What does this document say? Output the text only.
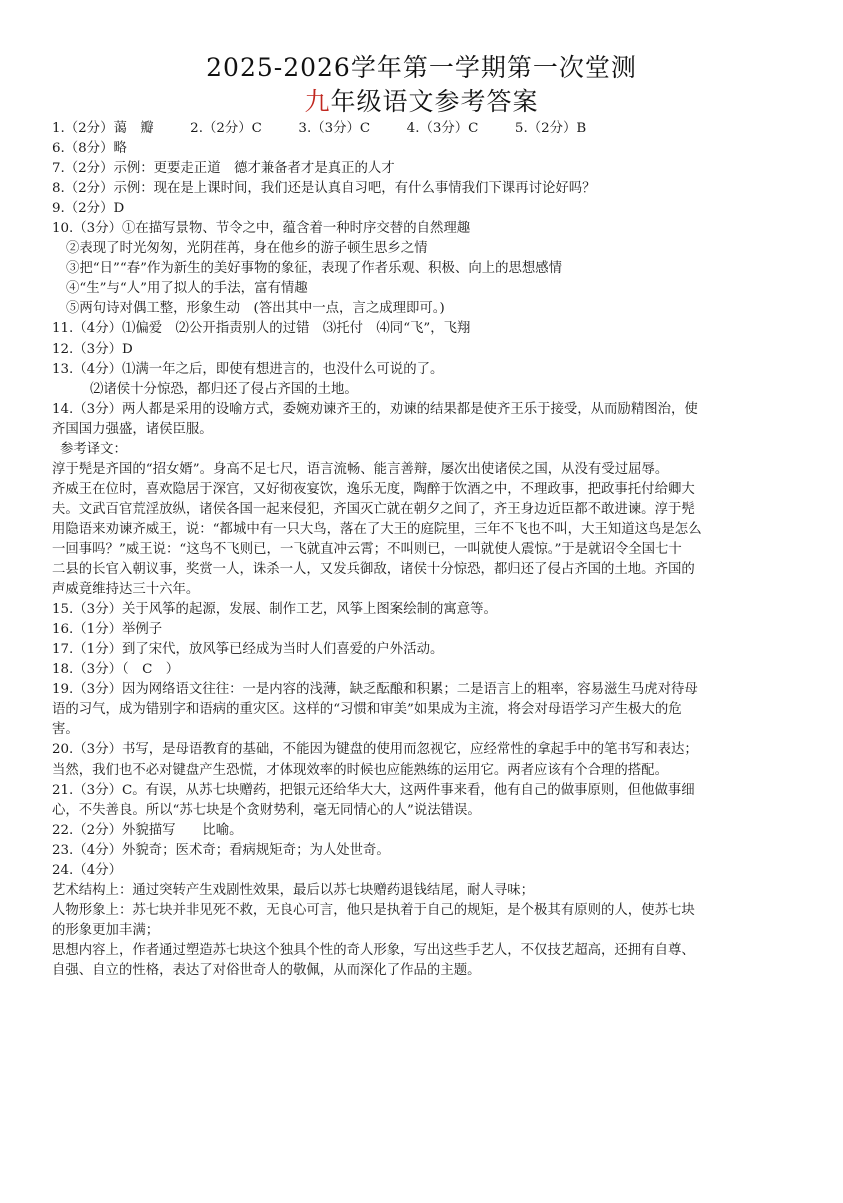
2025-2026学年第一学期第一次堂测
九年级语文参考答案
1.（2分）蔼　瓣	2.（2分）C	3.（3分）C	4.（3分）C	5.（2分）B
6.（8分）略
7.（2分）示例：更要走正道　德才兼备者才是真正的人才
8.（2分）示例：现在是上课时间，我们还是认真自习吧，有什么事情我们下课再讨论好吗？
9.（2分）D
10.（3分）①在描写景物、节令之中，蕴含着一种时序交替的自然理趣
②表现了时光匆匆，光阴荏苒，身在他乡的游子顿生思乡之情
③把“日”“春”作为新生的美好事物的象征，表现了作者乐观、积极、向上的思想感情
④“生”与“人”用了拟人的手法，富有情趣
⑤两句诗对偶工整，形象生动　(答出其中一点，言之成理即可。)
11.（4分）⑴偏爱　⑵公开指责别人的过错　⑶托付　⑷同“飞”，飞翔
12.（3分）D
13.（4分）⑴满一年之后，即使有想进言的，也没什么可说的了。
⑵诸侯十分惊恐，都归还了侵占齐国的土地。
14.（3分）两人都是采用的设喻方式，委婉劝谏齐王的，劝谏的结果都是使齐王乐于接受，从而励精图治，使
齐国国力强盛，诸侯臣服。
参考译文：
淳于髡是齐国的“招女婿”。身高不足七尺，语言流畅、能言善辩，屡次出使诸侯之国，从没有受过屈辱。
齐威王在位时，喜欢隐居于深宫，又好彻夜宴饮，逸乐无度，陶醉于饮酒之中，不理政事，把政事托付给卿大
夫。文武百官荒淫放纵，诸侯各国一起来侵犯，齐国灭亡就在朝夕之间了，齐王身边近臣都不敢进谏。淳于髡
用隐语来劝谏齐威王，说：“都城中有一只大鸟，落在了大王的庭院里，三年不飞也不叫，大王知道这鸟是怎么
一回事吗？”威王说：“这鸟不飞则已，一飞就直冲云霄；不叫则已，一叫就使人震惊。”于是就诏令全国七十
二县的长官入朝议事，奖赏一人，诛杀一人，又发兵御敌，诸侯十分惊恐，都归还了侵占齐国的土地。齐国的
声威竟维持达三十六年。
15.（3分）关于风筝的起源，发展、制作工艺，风筝上图案绘制的寓意等。
16.（1分）举例子
17.（1分）到了宋代，放风筝已经成为当时人们喜爱的户外活动。
18.（3分）（　C　）
19.（3分）因为网络语文往往：一是内容的浅薄，缺乏酝酿和积累；二是语言上的粗率，容易滋生马虎对待母
语的习气，成为错别字和语病的重灾区。这样的“习惯和审美”如果成为主流，将会对母语学习产生极大的危
害。
20.（3分）书写，是母语教育的基础，不能因为键盘的使用而忽视它，应经常性的拿起手中的笔书写和表达；
当然，我们也不必对键盘产生恐慌，才体现效率的时候也应能熟练的运用它。两者应该有个合理的搭配。
21.（3分）C。有误，从苏七块赠药，把银元还给华大大，这两件事来看，他有自己的做事原则，但他做事细
心，不失善良。所以“苏七块是个贪财势利，毫无同情心的人”说法错误。
22.（2分）外貌描写　　比喻。
23.（4分）外貌奇；医术奇；看病规矩奇；为人处世奇。
24.（4分）
艺术结构上：通过突转产生戏剧性效果，最后以苏七块赠药退钱结尾，耐人寻味；
人物形象上：苏七块并非见死不救，无良心可言，他只是执着于自己的规矩，是个极其有原则的人，使苏七块
的形象更加丰满；
思想内容上，作者通过塑造苏七块这个独具个性的奇人形象，写出这些手艺人，不仅技艺超高，还拥有自尊、
自强、自立的性格，表达了对俗世奇人的敬佩，从而深化了作品的主题。
